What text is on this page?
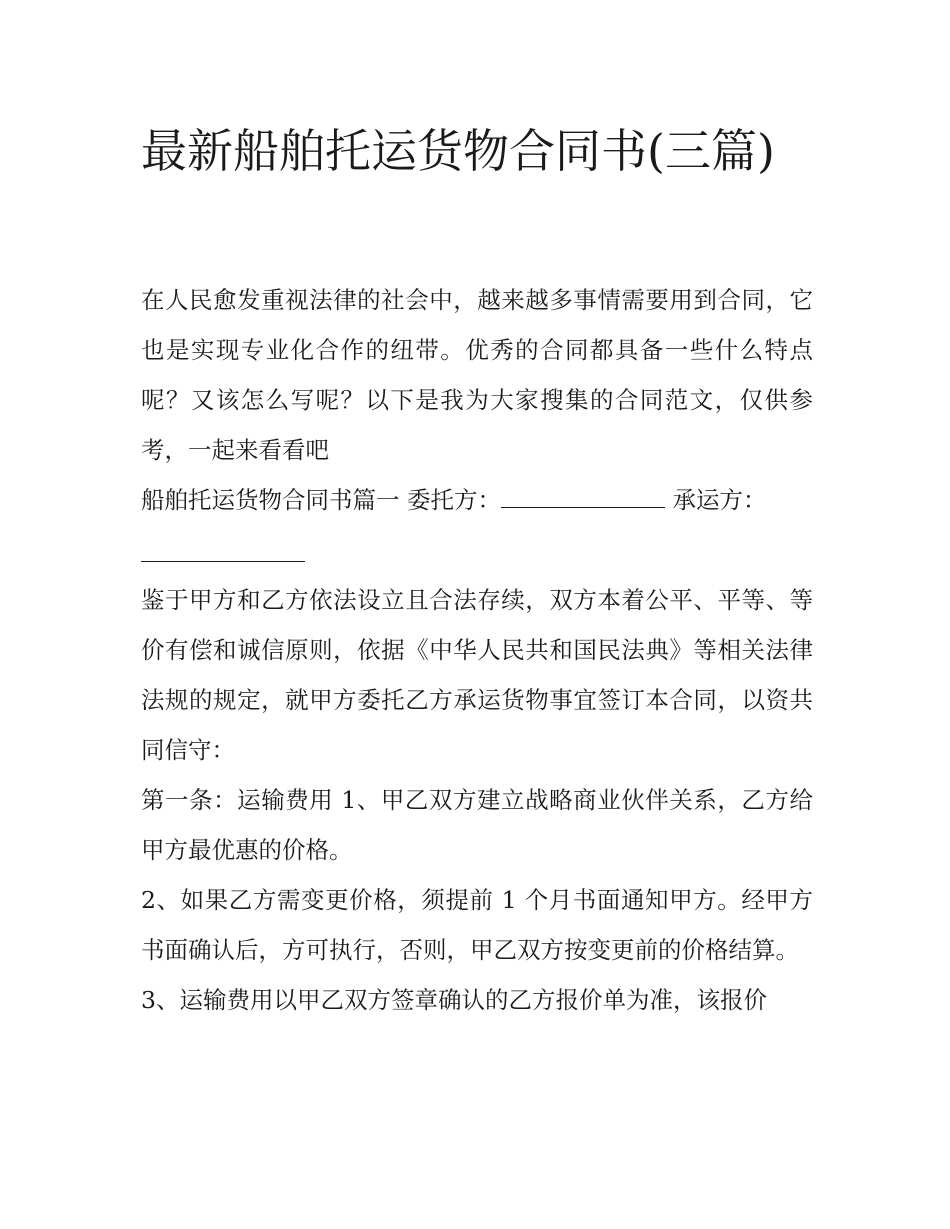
最新船舶托运货物合同书(三篇)

在人民愈发重视法律的社会中，越来越多事情需要用到合同，它也是实现专业化合作的纽带。优秀的合同都具备一些什么特点呢？又该怎么写呢？以下是我为大家搜集的合同范文，仅供参考，一起来看看吧

船舶托运货物合同书篇一 委托方：	承运方：

鉴于甲方和乙方依法设立且合法存续，双方本着公平、平等、等价有偿和诚信原则，依据《中华人民共和国民法典》等相关法律法规的规定，就甲方委托乙方承运货物事宜签订本合同，以资共同信守：

第一条：运输费用 1、甲乙双方建立战略商业伙伴关系，乙方给甲方最优惠的价格。

2、如果乙方需变更价格，须提前 1 个月书面通知甲方。经甲方书面确认后，方可执行，否则，甲乙双方按变更前的价格结算。

3、运输费用以甲乙双方签章确认的乙方报价单为准，该报价
